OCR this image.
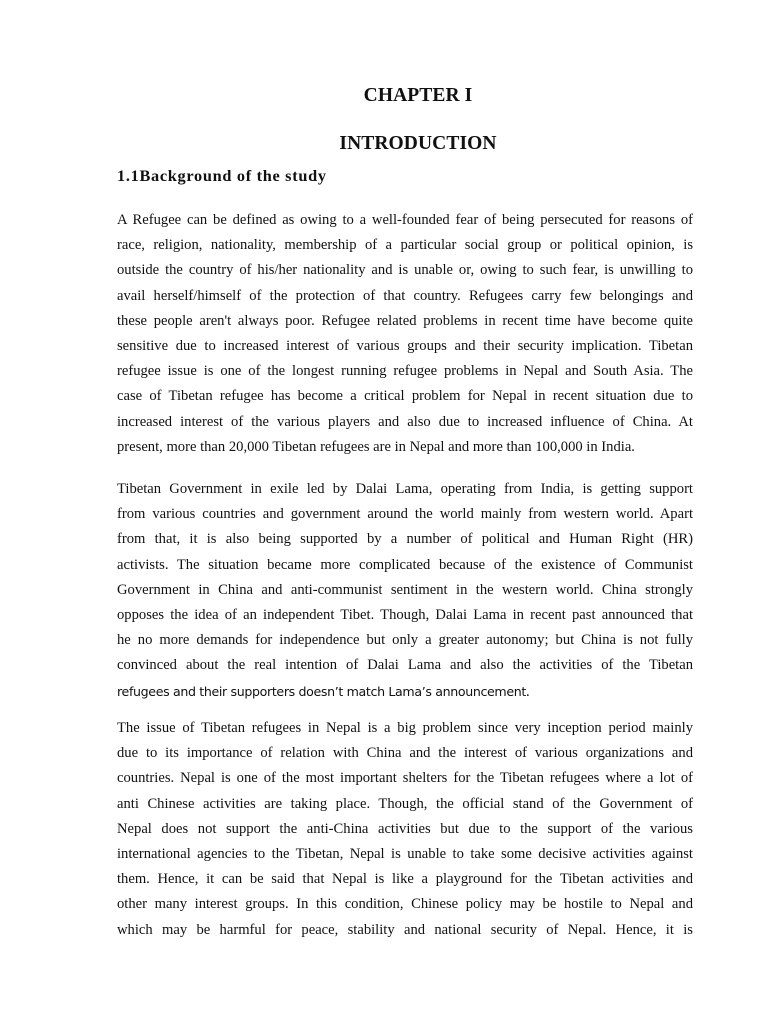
CHAPTER I
INTRODUCTION
1.1Background of the study
A Refugee can be defined as owing to a well-founded fear of being persecuted for reasons of
race, religion, nationality, membership of a particular social group or political opinion, is
outside the country of his/her nationality and is unable or, owing to such fear, is unwilling to
avail herself/himself of the protection of that country. Refugees carry few belongings and
these people aren't always poor. Refugee related problems in recent time have become quite
sensitive due to increased interest of various groups and their security implication. Tibetan
refugee issue is one of the longest running refugee problems in Nepal and South Asia. The
case of Tibetan refugee has become a critical problem for Nepal in recent situation due to
increased interest of the various players and also due to increased influence of China. At
present, more than 20,000 Tibetan refugees are in Nepal and more than 100,000 in India.
Tibetan Government in exile led by Dalai Lama, operating from India, is getting support
from various countries and government around the world mainly from western world. Apart
from that, it is also being supported by a number of political and Human Right (HR)
activists. The situation became more complicated because of the existence of Communist
Government in China and anti-communist sentiment in the western world. China strongly
opposes the idea of an independent Tibet. Though, Dalai Lama in recent past announced that
he no more demands for independence but only a greater autonomy; but China is not fully
convinced about the real intention of Dalai Lama and also the activities of the Tibetan
refugees and their supporters doesn’t match Lama’s announcement.
The issue of Tibetan refugees in Nepal is a big problem since very inception period mainly
due to its importance of relation with China and the interest of various organizations and
countries. Nepal is one of the most important shelters for the Tibetan refugees where a lot of
anti Chinese activities are taking place. Though, the official stand of the Government of
Nepal does not support the anti-China activities but due to the support of the various
international agencies to the Tibetan, Nepal is unable to take some decisive activities against
them. Hence, it can be said that Nepal is like a playground for the Tibetan activities and
other many interest groups. In this condition, Chinese policy may be hostile to Nepal and
which may be harmful for peace, stability and national security of Nepal. Hence, it is
